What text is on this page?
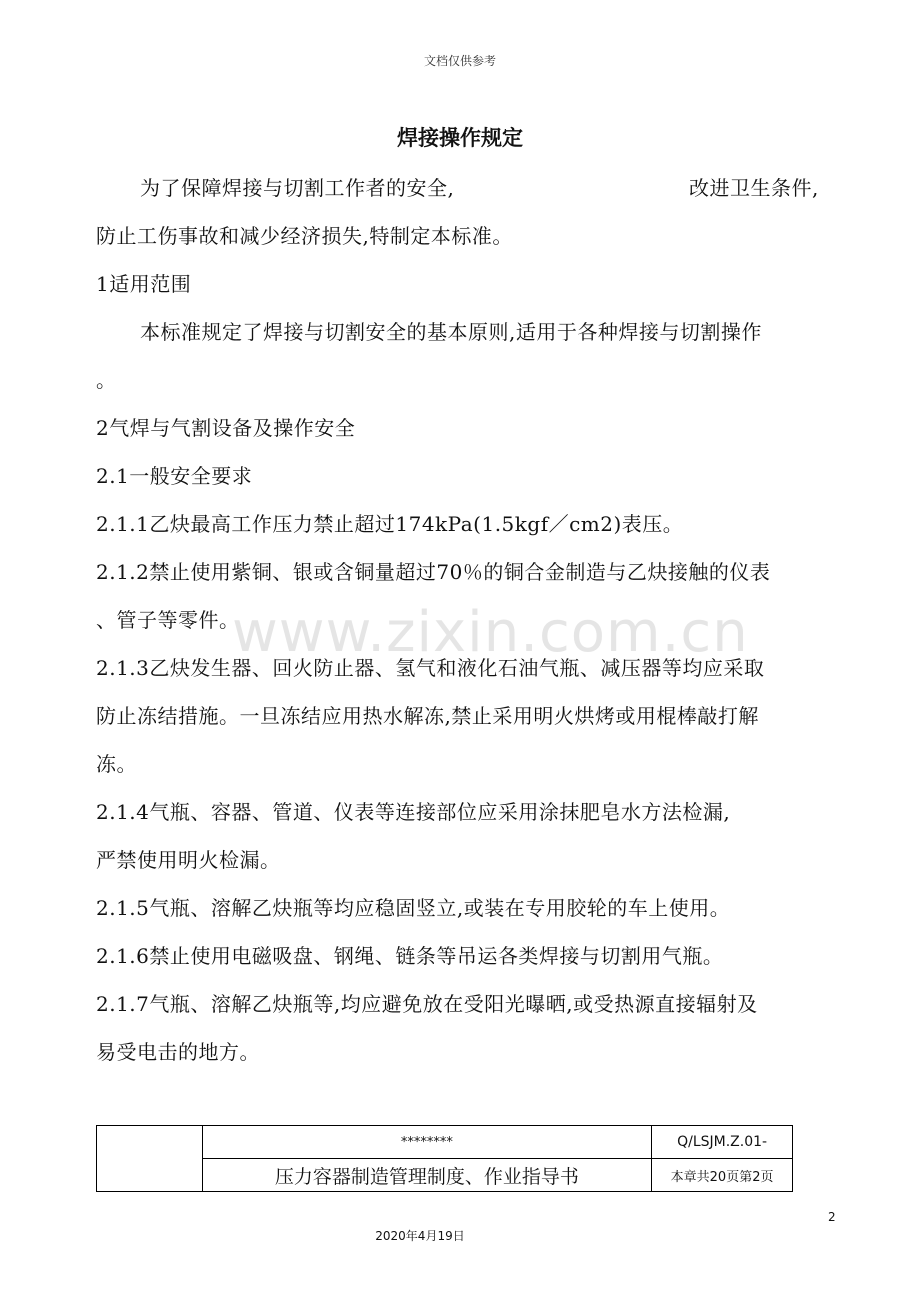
文档仅供参考
焊接操作规定
为了保障焊接与切割工作者的安全,	改进卫生条件,
防止工伤事故和减少经济损失,特制定本标准。
1适用范围
本标准规定了焊接与切割安全的基本原则,适用于各种焊接与切割操作
。
2气焊与气割设备及操作安全
2.1一般安全要求
2.1.1乙炔最高工作压力禁止超过174kPa(1.5kgf／cm2)表压。
2.1.2禁止使用紫铜、银或含铜量超过70％的铜合金制造与乙炔接触的仪表
、管子等零件。
2.1.3乙炔发生器、回火防止器、氢气和液化石油气瓶、减压器等均应采取
防止冻结措施。一旦冻结应用热水解冻,禁止采用明火烘烤或用棍棒敲打解
冻。
2.1.4气瓶、容器、管道、仪表等连接部位应采用涂抹肥皂水方法检漏,
严禁使用明火检漏。
2.1.5气瓶、溶解乙炔瓶等均应稳固竖立,或装在专用胶轮的车上使用。
2.1.6禁止使用电磁吸盘、钢绳、链条等吊运各类焊接与切割用气瓶。
2.1.7气瓶、溶解乙炔瓶等,均应避免放在受阳光曝晒,或受热源直接辐射及
易受电击的地方。
www.zixin.com.cn
	********	Q/LSJM.Z.01-
	压力容器制造管理制度、作业指导书	本章共20页第2页
2
2020年4月19日
